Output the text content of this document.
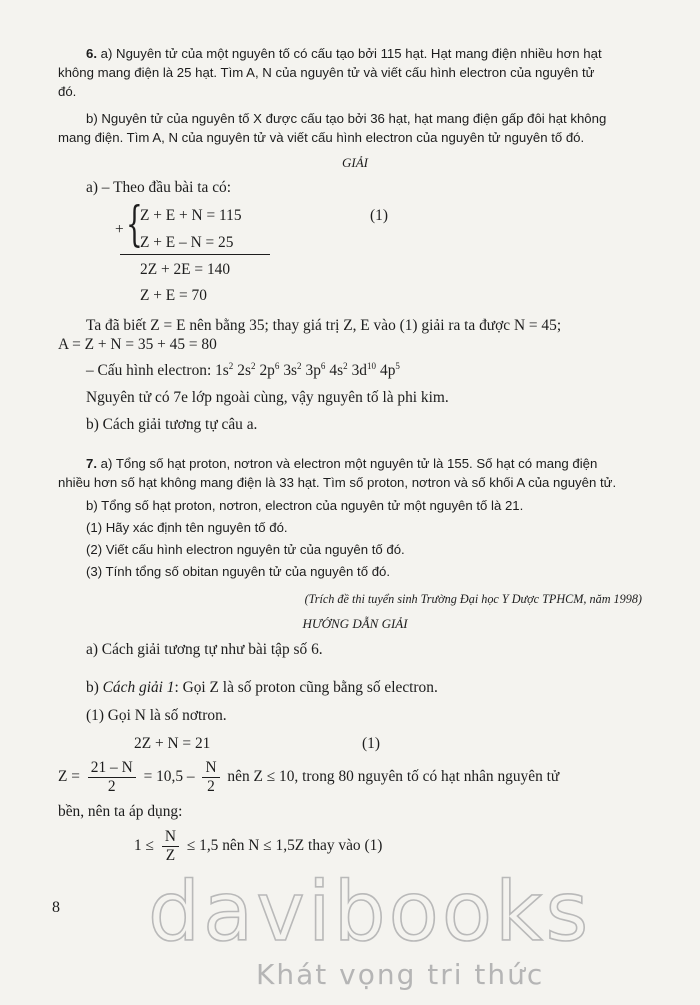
6. a) Nguyên tử của một nguyên tố có cấu tạo bởi 115 hạt. Hạt mang điện nhiều hơn hạt
không mang điện là 25 hạt. Tìm A, N của nguyên tử và viết cấu hình electron của nguyên tử
đó.
b) Nguyên tử của nguyên tố X được cấu tạo bởi 36 hạt, hạt mang điện gấp đôi hạt không
mang điện. Tìm A, N của nguyên tử và viết cấu hình electron của nguyên tử nguyên tố đó.
GIẢI
a) – Theo đầu bài ta có:
+ {
Z + E + N = 115	(1)
Z + E – N = 25
2Z + 2E = 140
Z + E = 70
Ta đã biết Z = E nên bằng 35; thay giá trị Z, E vào (1) giải ra ta được N = 45;
A = Z + N = 35 + 45 = 80
– Cấu hình electron: $1s^2$ $2s^2$ $2p^6$ $3s^2$ $3p^6$ $4s^2$ $3d^{10}$ $4p^5$
Nguyên tử có 7e lớp ngoài cùng, vậy nguyên tố là phi kim.
b) Cách giải tương tự câu a.
7. a) Tổng số hạt proton, nơtron và electron một nguyên tử là 155. Số hạt có mang điện
nhiều hơn số hạt không mang điện là 33 hạt. Tìm số proton, nơtron và số khối A của nguyên tử.
b) Tổng số hạt proton, nơtron, electron của nguyên tử một nguyên tố là 21.
(1) Hãy xác định tên nguyên tố đó.
(2) Viết cấu hình electron nguyên tử của nguyên tố đó.
(3) Tính tổng số obitan nguyên tử của nguyên tố đó.
(Trích đề thi tuyển sinh Trường Đại học Y Dược TPHCM, năm 1998)
HƯỚNG DẪN GIẢI
a) Cách giải tương tự như bài tập số 6.
b) Cách giải 1: Gọi Z là số proton cũng bằng số electron.
(1) Gọi N là số nơtron.
2Z + N = 21	(1)
$Z = \frac{21 - N}{2} = 10,5 - \frac{N}{2}$ nên Z ≤ 10, trong 80 nguyên tố có hạt nhân nguyên tử
bền, nên ta áp dụng:
$1 \le \frac{N}{Z} \le 1,5$ nên N ≤ 1,5Z thay vào (1)
8 davibooks
Khát vọng tri thức
